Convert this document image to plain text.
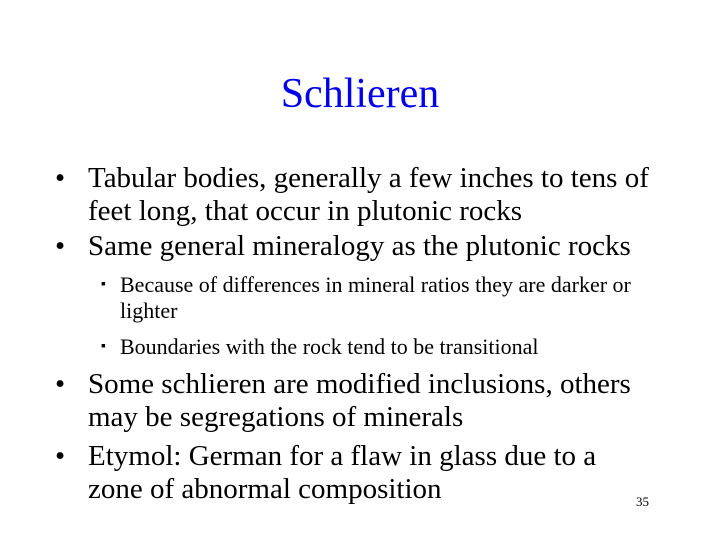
Schlieren
• Tabular bodies, generally a few inches to tens of feet long, that occur in plutonic rocks
• Same general mineralogy as the plutonic rocks
▪ Because of differences in mineral ratios they are darker or lighter
▪ Boundaries with the rock tend to be transitional
• Some schlieren are modified inclusions, others may be segregations of minerals
• Etymol: German for a flaw in glass due to a zone of abnormal composition	35
